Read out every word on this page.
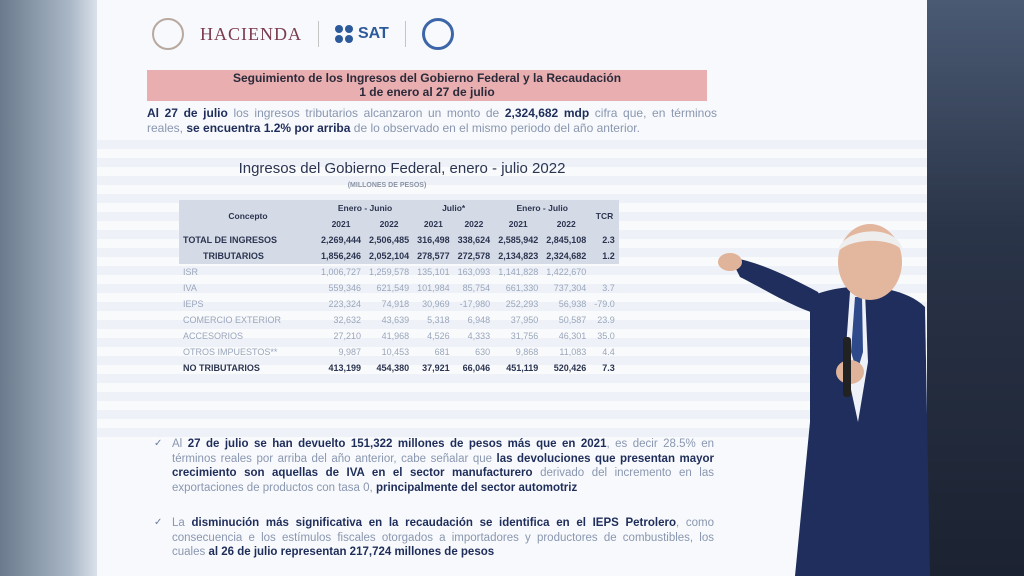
HACIENDA	SAT
Seguimiento de los Ingresos del Gobierno Federal y la Recaudación
1 de enero al 27 de julio
Al 27 de julio los ingresos tributarios alcanzaron un monto de 2,324,682 mdp cifra que, en términos reales, se encuentra 1.2% por arriba de lo observado en el mismo periodo del año anterior.
Ingresos del Gobierno Federal, enero - julio 2022
(MILLONES DE PESOS)
Concepto	Enero - Junio		Julio*		Enero - Julio		TCR
	2021	2022	2021	2022	2021	2022	
TOTAL DE INGRESOS	2,269,444	2,506,485	316,498	338,624	2,585,942	2,845,108	2.3
TRIBUTARIOS	1,856,246	2,052,104	278,577	272,578	2,134,823	2,324,682	1.2
ISR	1,006,727	1,259,578	135,101	163,093	1,141,828	1,422,670	
IVA	559,346	621,549	101,984	85,754	661,330	737,304	3.7
IEPS	223,324	74,918	30,969	-17,980	252,293	56,938	-79.0
COMERCIO EXTERIOR	32,632	43,639	5,318	6,948	37,950	50,587	23.9
ACCESORIOS	27,210	41,968	4,526	4,333	31,756	46,301	35.0
OTROS IMPUESTOS**	9,987	10,453	681	630	9,868	11,083	4.4
NO TRIBUTARIOS	413,199	454,380	37,921	66,046	451,119	520,426	7.3
✓ Al 27 de julio se han devuelto 151,322 millones de pesos más que en 2021, es decir 28.5% en términos reales por arriba del año anterior, cabe señalar que las devoluciones que presentan mayor crecimiento son aquellas de IVA en el sector manufacturero derivado del incremento en las exportaciones de productos con tasa 0, principalmente del sector automotriz
✓ La disminución más significativa en la recaudación se identifica en el IEPS Petrolero, como consecuencia e los estímulos fiscales otorgados a importadores y productores de combustibles, los cuales al 26 de julio representan 217,724 millones de pesos
